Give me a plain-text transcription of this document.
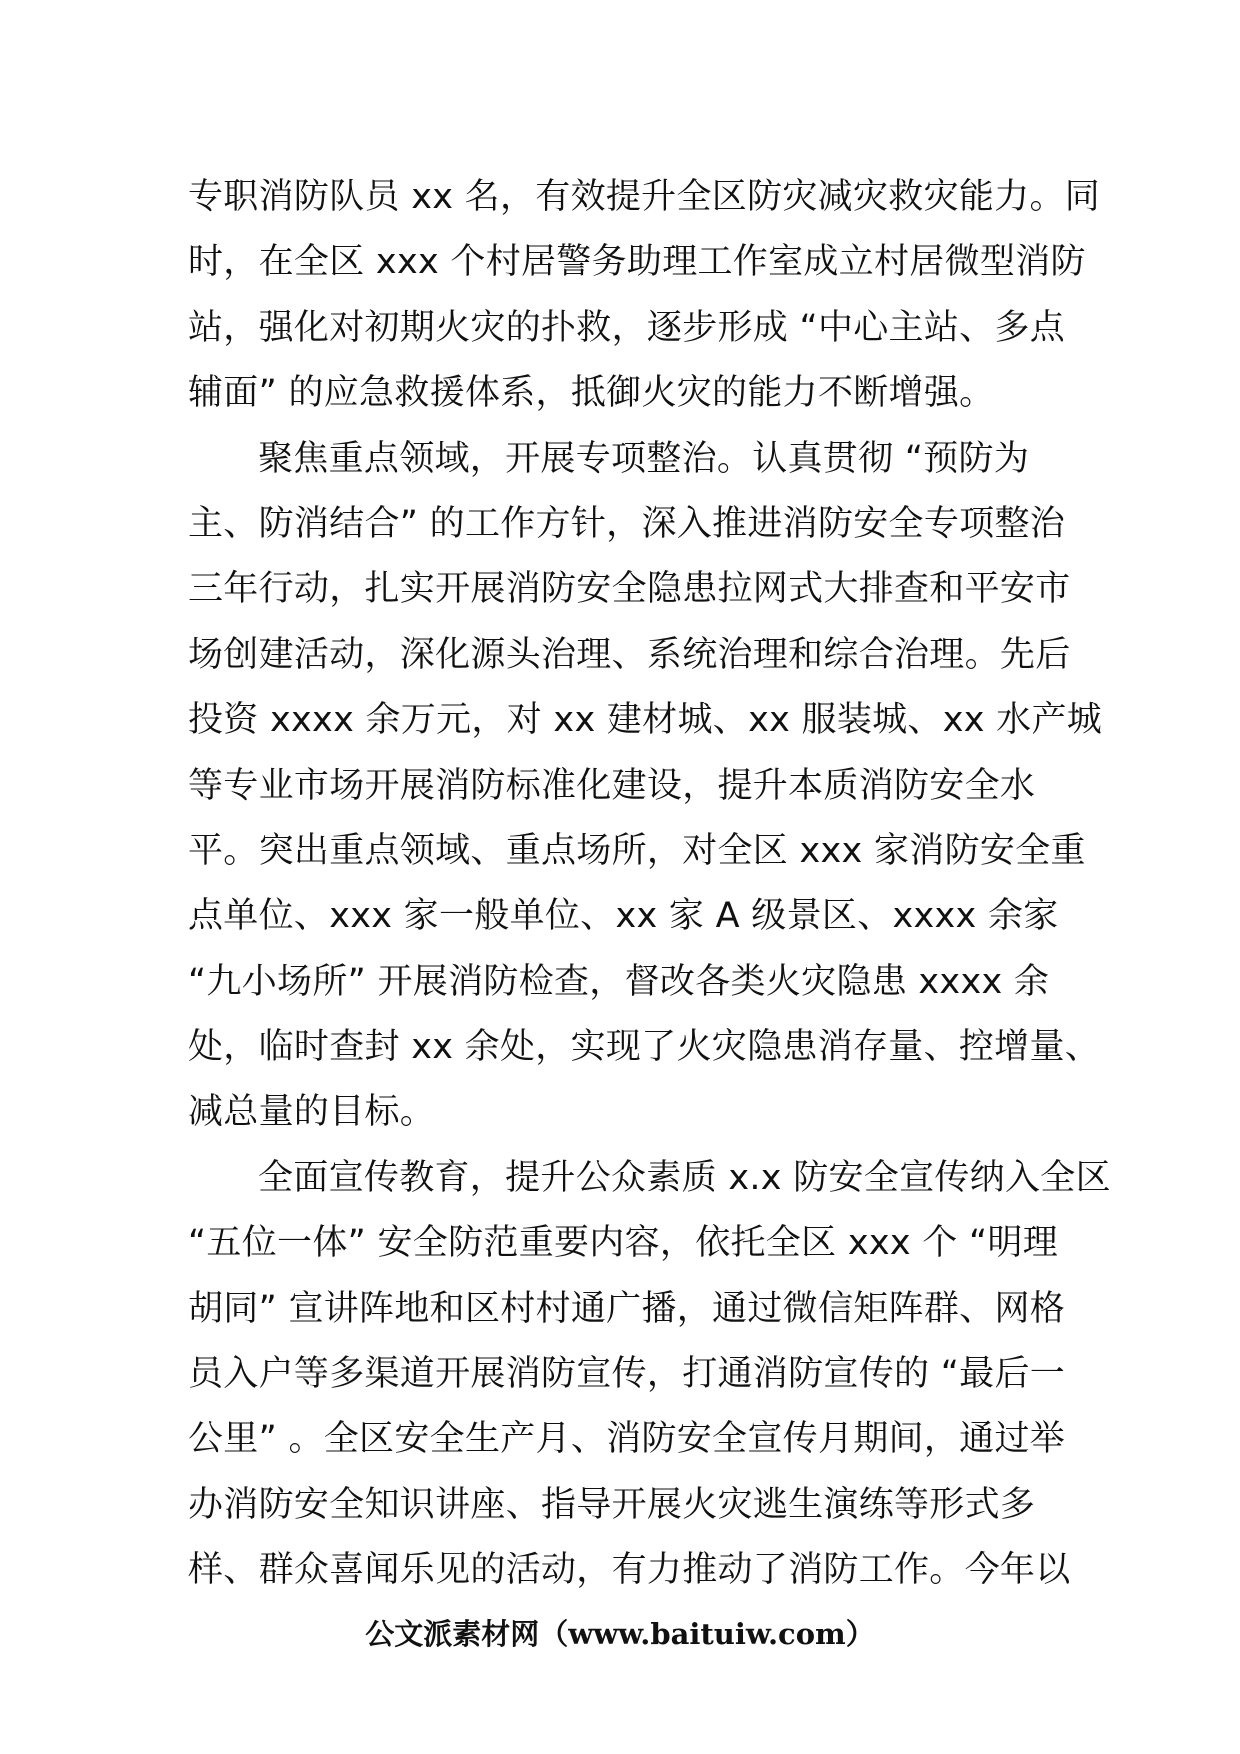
专职消防队员 xx 名，有效提升全区防灾减灾救灾能力。同
时，在全区 xxx 个村居警务助理工作室成立村居微型消防
站，强化对初期火灾的扑救，逐步形成 “中心主站、多点
辅面” 的应急救援体系，抵御火灾的能力不断增强。
聚焦重点领域，开展专项整治。认真贯彻 “预防为
主、防消结合” 的工作方针，深入推进消防安全专项整治
三年行动，扎实开展消防安全隐患拉网式大排查和平安市
场创建活动，深化源头治理、系统治理和综合治理。先后
投资 xxxx 余万元，对 xx 建材城、xx 服装城、xx 水产城
等专业市场开展消防标准化建设，提升本质消防安全水
平。突出重点领域、重点场所，对全区 xxx 家消防安全重
点单位、xxx 家一般单位、xx 家 A 级景区、xxxx 余家
“九小场所” 开展消防检查，督改各类火灾隐患 xxxx 余
处，临时查封 xx 余处，实现了火灾隐患消存量、控增量、
减总量的目标。
全面宣传教育，提升公众素质 x.x 防安全宣传纳入全区
“五位一体” 安全防范重要内容，依托全区 xxx 个 “明理
胡同” 宣讲阵地和区村村通广播，通过微信矩阵群、网格
员入户等多渠道开展消防宣传，打通消防宣传的 “最后一
公里” 。全区安全生产月、消防安全宣传月期间，通过举
办消防安全知识讲座、指导开展火灾逃生演练等形式多
样、群众喜闻乐见的活动，有力推动了消防工作。今年以
公文派素材网（www.baituiw.com）
